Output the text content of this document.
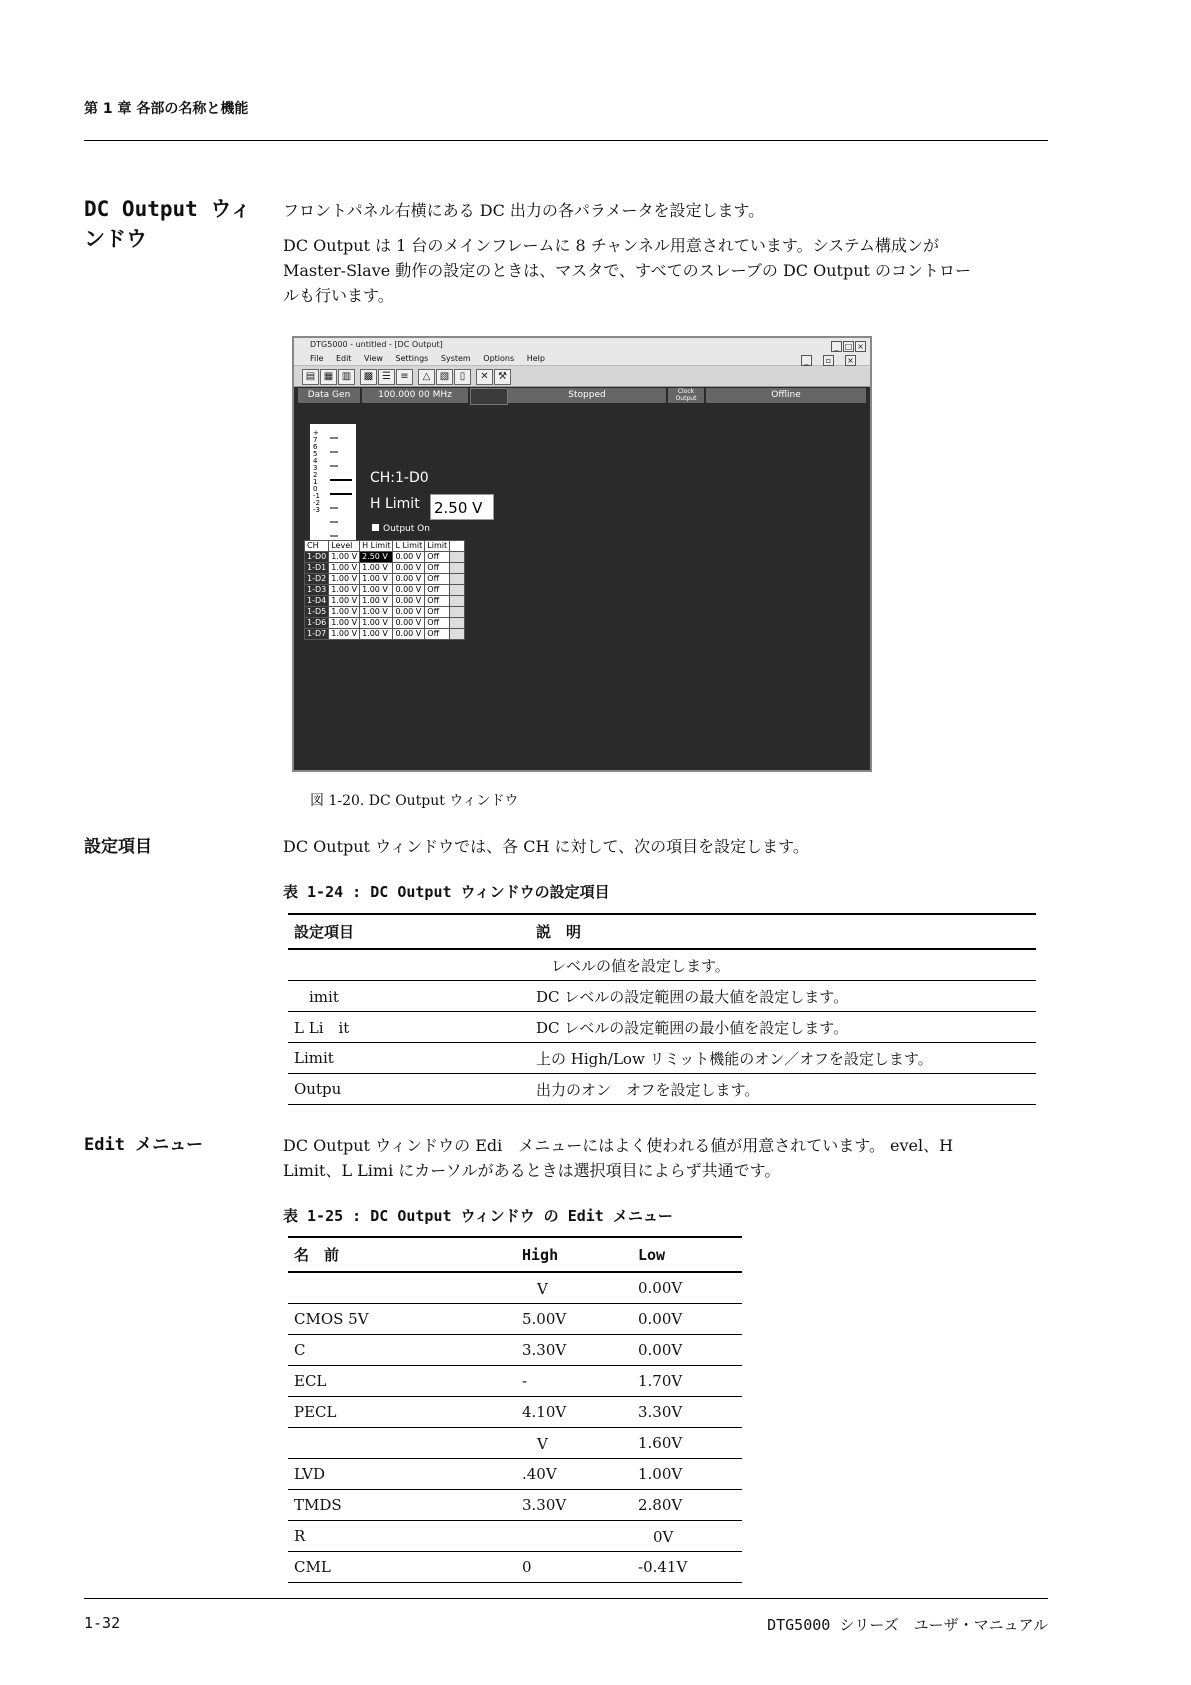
第 1 章 各部の名称と機能
DC Output ウィ
ンドウ
フロントパネル右横にある DC 出力の各パラメータを設定します。
DC Output は 1 台のメインフレームに 8 チャンネル用意されています。システム構成ンが
Master-Slave 動作の設定のときは、マスタで、すべてのスレーブの DC Output のコントロー
ルも行います。
DTG5000 - untitled - [DC Output]	_ □ ×
File Edit View Settings System Options Help	_ ▫ ×
▤ ▦ ▥	▩ ☰ ≡	△ ▧	▯	✕ ⚒
Data Gen	100.000 00 MHz	Stopped	Clock Output	Offline
+
7
6
5
4
3
2
1
0
-1
-2
-3
CH:1-D0
H Limit 2.50 V
Output On
CH	Level	H Limit	L Limit	Limit	
1-D0	1.00 V	2.50 V	0.00 V	Off	
1-D1	1.00 V	1.00 V	0.00 V	Off	
1-D2	1.00 V	1.00 V	0.00 V	Off	
1-D3	1.00 V	1.00 V	0.00 V	Off	
1-D4	1.00 V	1.00 V	0.00 V	Off	
1-D5	1.00 V	1.00 V	0.00 V	Off	
1-D6	1.00 V	1.00 V	0.00 V	Off	
1-D7	1.00 V	1.00 V	0.00 V	Off	
図 1-20. DC Output ウィンドウ
設定項目	DC Output ウィンドウでは、各 CH に対して、次の項目を設定します。
表 1-24 : DC Output ウィンドウの設定項目
設定項目	説　明
	　レベルの値を設定します。
　imit	DC レベルの設定範囲の最大値を設定します。
L Li　it	DC レベルの設定範囲の最小値を設定します。
Limit	上の High/Low リミット機能のオン／オフを設定します。
Outpu	出力のオン　オフを設定します。
Edit メニュー	DC Output ウィンドウの Edi　メニューにはよく使われる値が用意されています。 evel、H
Limit、L Limi にカーソルがあるときは選択項目によらず共通です。
表 1-25 : DC Output ウィンドウ の Edit メニュー
名　前	High	Low
	　V	0.00V
CMOS 5V	5.00V	0.00V
C	3.30V	0.00V
ECL	-	1.70V
PECL	4.10V	3.30V
	　V	1.60V
LVD	.40V	1.00V
TMDS	3.30V	2.80V
R		　0V
CML	0	-0.41V
1-32	DTG5000 シリーズ　ユーザ・マニュアル
